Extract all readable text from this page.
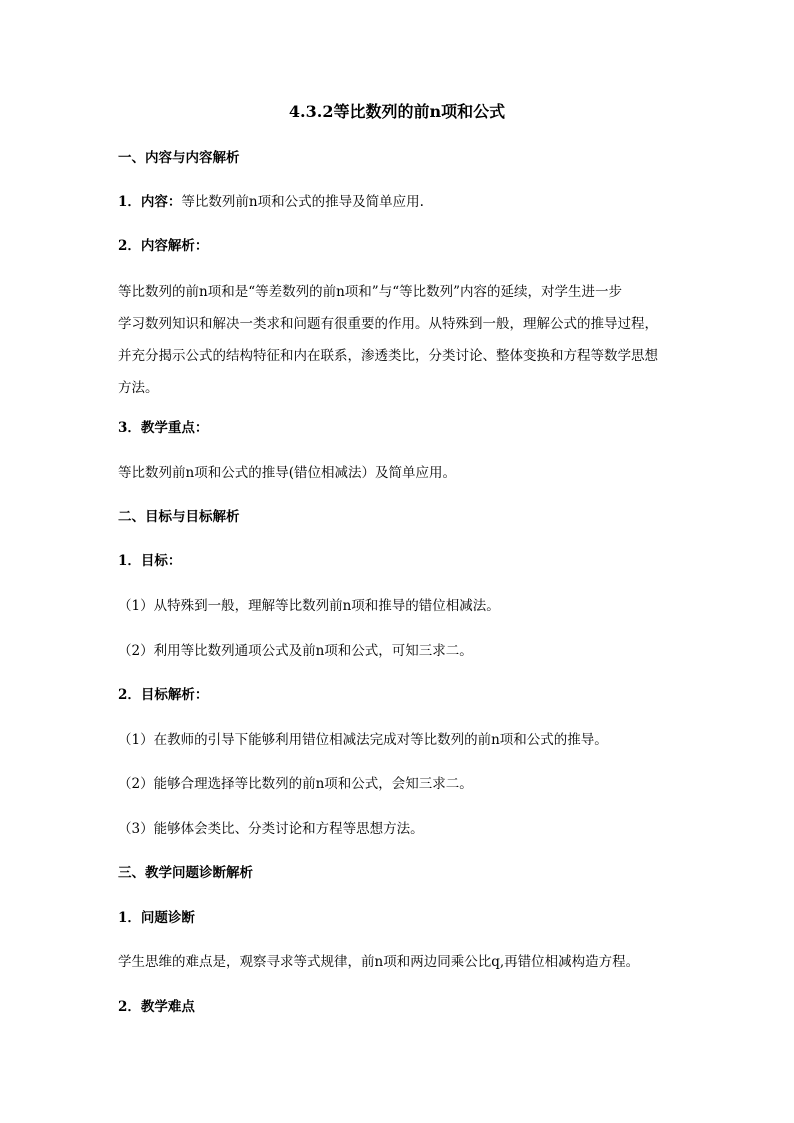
4.3.2等比数列的前n项和公式
一、内容与内容解析
1．内容：等比数列前n项和公式的推导及简单应用.
2．内容解析：
等比数列的前n项和是“等差数列的前n项和”与“等比数列”内容的延续，对学生进一步
学习数列知识和解决一类求和问题有很重要的作用。从特殊到一般，理解公式的推导过程，
并充分揭示公式的结构特征和内在联系，渗透类比，分类讨论、整体变换和方程等数学思想
方法。
3．教学重点：
等比数列前n项和公式的推导(错位相减法）及简单应用。
二、目标与目标解析
1．目标：
（1）从特殊到一般，理解等比数列前n项和推导的错位相减法。
（2）利用等比数列通项公式及前n项和公式，可知三求二。
2．目标解析：
（1）在教师的引导下能够利用错位相减法完成对等比数列的前n项和公式的推导。
（2）能够合理选择等比数列的前n项和公式，会知三求二。
（3）能够体会类比、分类讨论和方程等思想方法。
三、教学问题诊断解析
1．问题诊断
学生思维的难点是，观察寻求等式规律，前n项和两边同乘公比q,再错位相减构造方程。
2．教学难点
